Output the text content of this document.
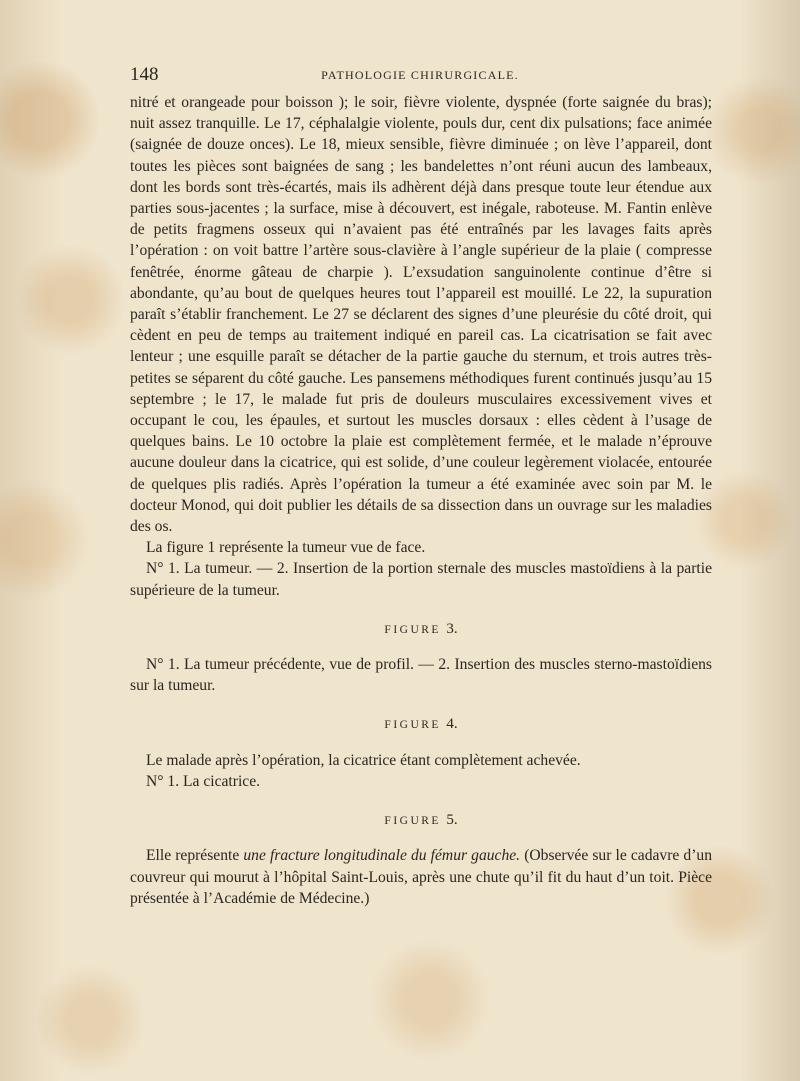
148	PATHOLOGIE CHIRURGICALE.

nitré et orangeade pour boisson ); le soir, fièvre violente, dyspnée (forte saignée du bras); nuit assez tranquille. Le 17, céphalalgie violente, pouls dur, cent dix pulsations; face animée (saignée de douze onces). Le 18, mieux sensible, fièvre diminuée ; on lève l’appareil, dont toutes les pièces sont baignées de sang ; les bandelettes n’ont réuni aucun des lambeaux, dont les bords sont très-écartés, mais ils adhèrent déjà dans presque toute leur étendue aux parties sous-jacentes ; la surface, mise à découvert, est inégale, raboteuse. M. Fantin enlève de petits fragmens osseux qui n’avaient pas été entraînés par les lavages faits après l’opération : on voit battre l’artère sous-clavière à l’angle supérieur de la plaie ( compresse fenêtrée, énorme gâteau de charpie ). L’exsudation sanguinolente continue d’être si abondante, qu’au bout de quelques heures tout l’appareil est mouillé. Le 22, la supuration paraît s’établir franchement. Le 27 se déclarent des signes d’une pleurésie du côté droit, qui cèdent en peu de temps au traitement indiqué en pareil cas. La cicatrisation se fait avec lenteur ; une esquille paraît se détacher de la partie gauche du sternum, et trois autres très-petites se séparent du côté gauche. Les pansemens méthodiques furent continués jusqu’au 15 septembre ; le 17, le malade fut pris de douleurs musculaires excessivement vives et occupant le cou, les épaules, et surtout les muscles dorsaux : elles cèdent à l’usage de quelques bains. Le 10 octobre la plaie est complètement fermée, et le malade n’éprouve aucune douleur dans la cicatrice, qui est solide, d’une couleur legèrement violacée, entourée de quelques plis radiés. Après l’opération la tumeur a été examinée avec soin par M. le docteur Monod, qui doit publier les détails de sa dissection dans un ouvrage sur les maladies des os.

La figure 1 représente la tumeur vue de face.

N° 1. La tumeur. — 2. Insertion de la portion sternale des muscles mastoïdiens à la partie supérieure de la tumeur.

FIGURE 3.

N° 1. La tumeur précédente, vue de profil. — 2. Insertion des muscles sterno-mastoïdiens sur la tumeur.

FIGURE 4.

Le malade après l’opération, la cicatrice étant complètement achevée.

N° 1. La cicatrice.

FIGURE 5.

Elle représente une fracture longitudinale du fémur gauche. (Observée sur le cadavre d’un couvreur qui mourut à l’hôpital Saint-Louis, après une chute qu’il fit du haut d’un toit. Pièce présentée à l’Académie de Médecine.)
